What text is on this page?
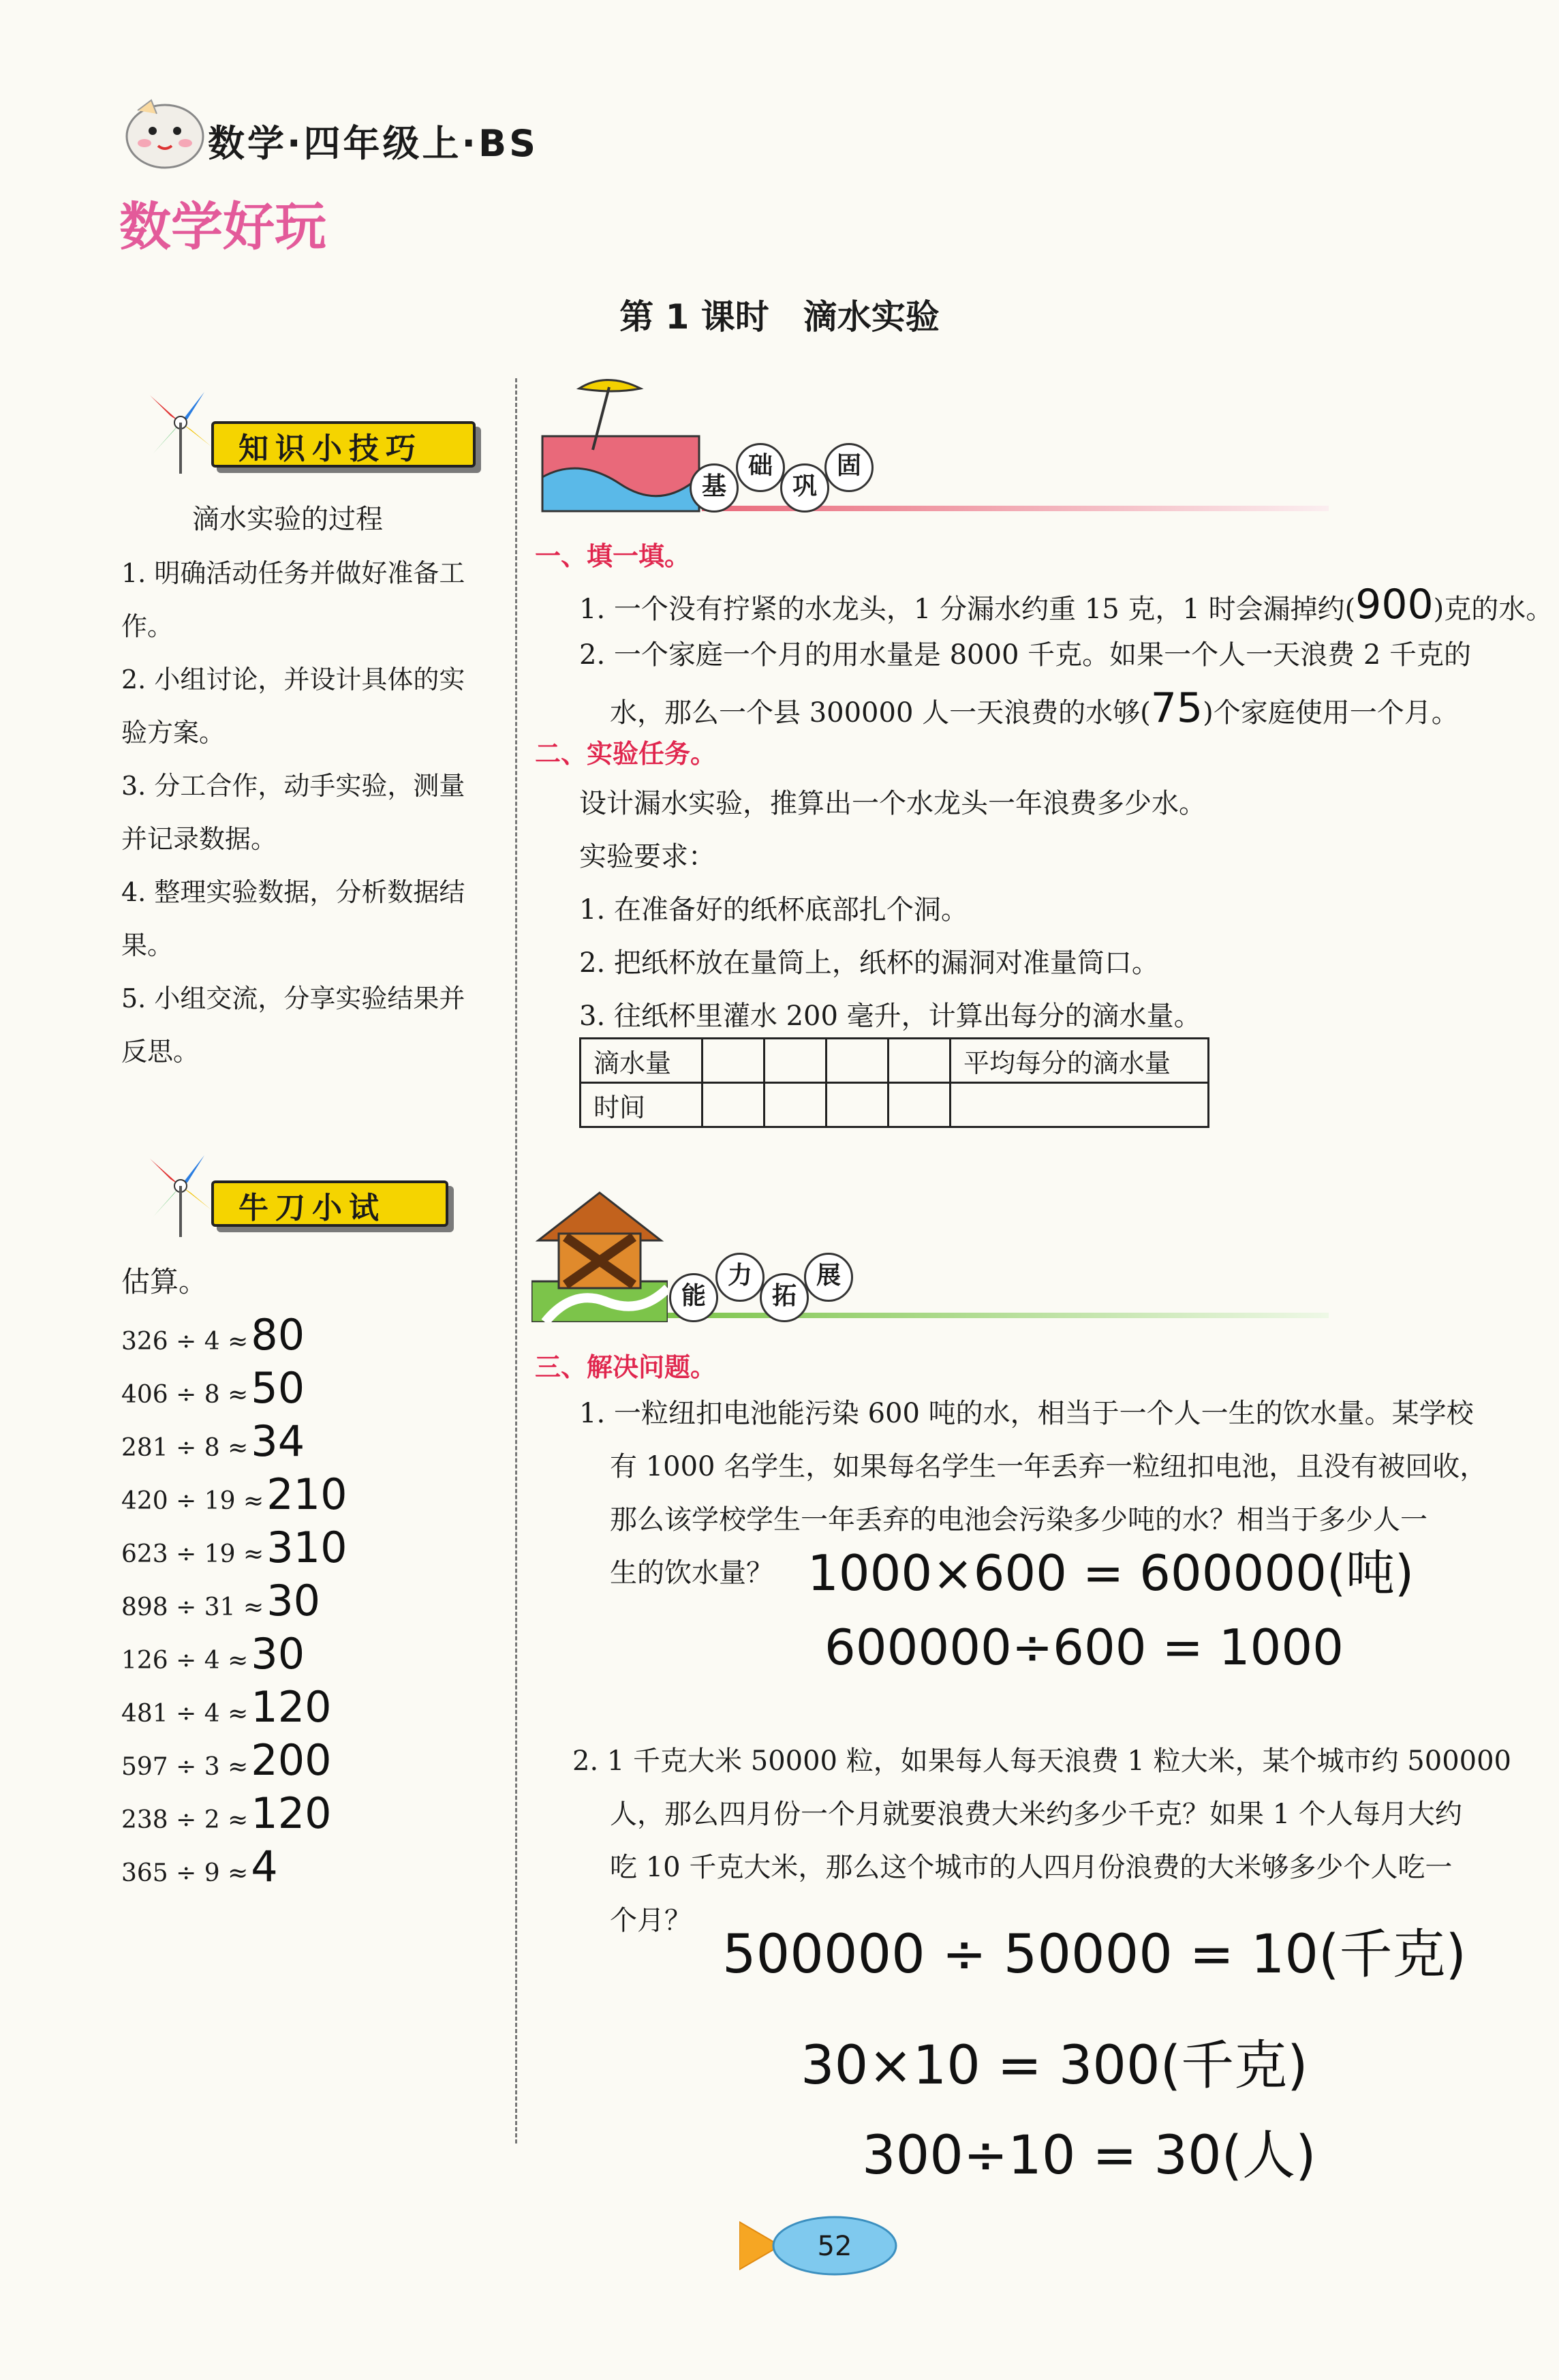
数学·四年级上·BS
数学好玩
第 1 课时　滴水实验
知识小技巧
滴水实验的过程
1. 明确活动任务并做好准备工作。
2. 小组讨论，并设计具体的实验方案。
3. 分工合作，动手实验，测量并记录数据。
4. 整理实验数据，分析数据结果。
5. 小组交流，分享实验结果并反思。
牛刀小试
估算。
326 ÷ 4 ≈80
406 ÷ 8 ≈50
281 ÷ 8 ≈34
420 ÷ 19 ≈210
623 ÷ 19 ≈310
898 ÷ 31 ≈30
126 ÷ 4 ≈30
481 ÷ 4 ≈120
597 ÷ 3 ≈200
238 ÷ 2 ≈120
365 ÷ 9 ≈4
基
础
巩
固
一、填一填。
1. 一个没有拧紧的水龙头，1 分漏水约重 15 克，1 时会漏掉约(900)克的水。
2. 一个家庭一个月的用水量是 8000 千克。如果一个人一天浪费 2 千克的
水，那么一个县 300000 人一天浪费的水够(75)个家庭使用一个月。
二、实验任务。
设计漏水实验，推算出一个水龙头一年浪费多少水。
实验要求：
1. 在准备好的纸杯底部扎个洞。
2. 把纸杯放在量筒上，纸杯的漏洞对准量筒口。
3. 往纸杯里灌水 200 毫升，计算出每分的滴水量。
滴水量					平均每分的滴水量
时间					
能
力
拓
展
三、解决问题。
1. 一粒纽扣电池能污染 600 吨的水，相当于一个人一生的饮水量。某学校
有 1000 名学生，如果每名学生一年丢弃一粒纽扣电池，且没有被回收，
那么该学校学生一年丢弃的电池会污染多少吨的水？相当于多少人一
生的饮水量？ 1000×600 = 600000(吨)
600000÷600 = 1000
2. 1 千克大米 50000 粒，如果每人每天浪费 1 粒大米，某个城市约 500000
人，那么四月份一个月就要浪费大米约多少千克？如果 1 个人每月大约
吃 10 千克大米，那么这个城市的人四月份浪费的大米够多少个人吃一
个月？
500000 ÷ 50000 = 10(千克)
30×10 = 300(千克)
300÷10 = 30(人)
52
